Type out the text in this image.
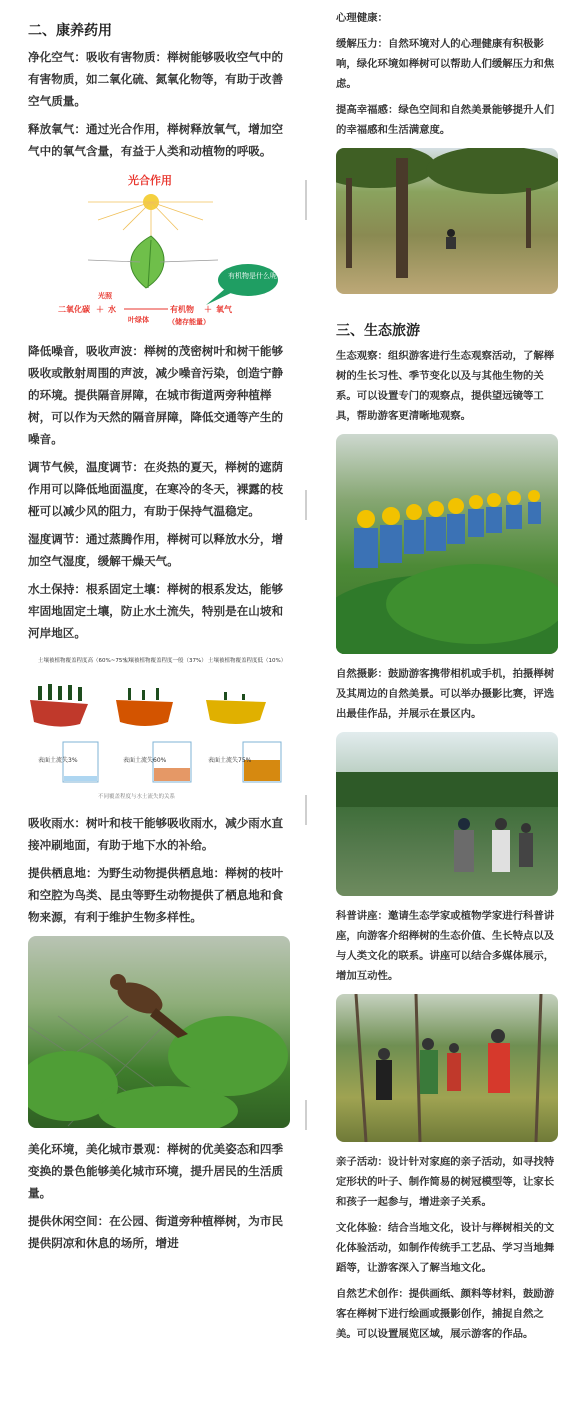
二、康养药用

净化空气：吸收有害物质：榉树能够吸收空气中的有害物质，如二氧化硫、氮氧化物等，有助于改善空气质量。

释放氧气：通过光合作用，榉树释放氧气，增加空气中的氧气含量，有益于人类和动植物的呼吸。

光合作用
有机物是什么呢？
光照
二氧化碳 ＋ 水
叶绿体
有机物 ＋ 氧气
（储存能量）

降低噪音，吸收声波：榉树的茂密树叶和树干能够吸收或散射周围的声波，减少噪音污染，创造宁静的环境。提供隔音屏障，在城市街道两旁种植榉树，可以作为天然的隔音屏障，降低交通等产生的噪音。

调节气候，温度调节：在炎热的夏天，榉树的遮荫作用可以降低地面温度，在寒冷的冬天，裸露的枝桠可以减少风的阻力，有助于保持气温稳定。

湿度调节：通过蒸腾作用，榉树可以释放水分，增加空气湿度，缓解干燥天气。

水土保持：根系固定土壤：榉树的根系发达，能够牢固地固定土壤，防止水土流失，特别是在山坡和河岸地区。

土壤被植物覆盖程度高（60%~75%）
土壤被植物覆盖程度一般（37%） 土壤被植物覆盖程度低（10%）
表面土流失3%	表面土流失60%	表面土流失75%
不同覆盖程度与水土流失的关系

吸收雨水：树叶和枝干能够吸收雨水，减少雨水直接冲刷地面，有助于地下水的补给。

提供栖息地：为野生动物提供栖息地：榉树的枝叶和空腔为鸟类、昆虫等野生动物提供了栖息地和食物来源，有利于维护生物多样性。

美化环境，美化城市景观：榉树的优美姿态和四季变换的景色能够美化城市环境，提升居民的生活质量。

提供休闲空间：在公园、街道旁种植榉树，为市民提供阴凉和休息的场所，增进

心理健康：

缓解压力：自然环境对人的心理健康有积极影响，绿化环境如榉树可以帮助人们缓解压力和焦虑。

提高幸福感：绿色空间和自然美景能够提升人们的幸福感和生活满意度。

三、生态旅游

生态观察：组织游客进行生态观察活动，了解榉树的生长习性、季节变化以及与其他生物的关系。可以设置专门的观察点，提供望远镜等工具，帮助游客更清晰地观察。

自然摄影：鼓励游客携带相机或手机，拍摄榉树及其周边的自然美景。可以举办摄影比赛，评选出最佳作品，并展示在景区内。

科普讲座：邀请生态学家或植物学家进行科普讲座，向游客介绍榉树的生态价值、生长特点以及与人类文化的联系。讲座可以结合多媒体展示，增加互动性。

亲子活动：设计针对家庭的亲子活动，如寻找特定形状的叶子、制作简易的树冠模型等，让家长和孩子一起参与，增进亲子关系。

文化体验：结合当地文化，设计与榉树相关的文化体验活动，如制作传统手工艺品、学习当地舞蹈等，让游客深入了解当地文化。

自然艺术创作：提供画纸、颜料等材料，鼓励游客在榉树下进行绘画或摄影创作，捕捉自然之美。可以设置展览区域，展示游客的作品。
